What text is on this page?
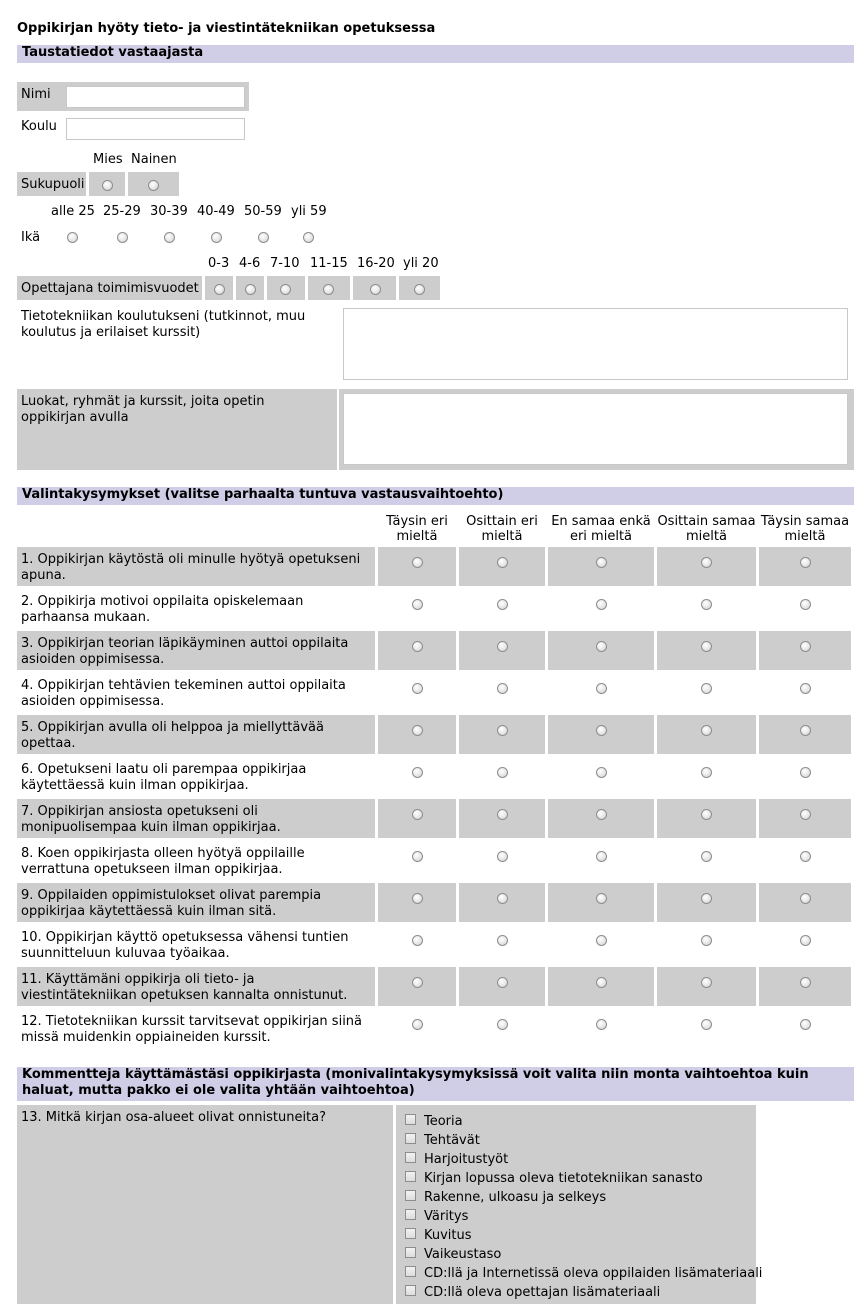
Oppikirjan hyöty tieto- ja viestintätekniikan opetuksessa
Taustatiedot vastaajasta
Nimi
Koulu
Mies Nainen
Sukupuoli
alle 25 25-29 30-39 40-49 50-59 yli 59
Ikä
0-3 4-6 7-10 11-15 16-20 yli 20
Opettajana toimimisvuodet
Tietotekniikan koulutukseni (tutkinnot, muu koulutus ja erilaiset kurssit)
Luokat, ryhmät ja kurssit, joita opetin oppikirjan avulla
Valintakysymykset (valitse parhaalta tuntuva vastausvaihtoehto)
Täysin eri mieltä
Osittain eri mieltä
En samaa enkä eri mieltä
Osittain samaa mieltä
Täysin samaa mieltä
1. Oppikirjan käytöstä oli minulle hyötyä opetukseni apuna.
2. Oppikirja motivoi oppilaita opiskelemaan parhaansa mukaan.
3. Oppikirjan teorian läpikäyminen auttoi oppilaita asioiden oppimisessa.
4. Oppikirjan tehtävien tekeminen auttoi oppilaita asioiden oppimisessa.
5. Oppikirjan avulla oli helppoa ja miellyttävää opettaa.
6. Opetukseni laatu oli parempaa oppikirjaa käytettäessä kuin ilman oppikirjaa.
7. Oppikirjan ansiosta opetukseni oli monipuolisempaa kuin ilman oppikirjaa.
8. Koen oppikirjasta olleen hyötyä oppilaille verrattuna opetukseen ilman oppikirjaa.
9. Oppilaiden oppimistulokset olivat parempia oppikirjaa käytettäessä kuin ilman sitä.
10. Oppikirjan käyttö opetuksessa vähensi tuntien suunnitteluun kuluvaa työaikaa.
11. Käyttämäni oppikirja oli tieto- ja viestintätekniikan opetuksen kannalta onnistunut.
12. Tietotekniikan kurssit tarvitsevat oppikirjan siinä missä muidenkin oppiaineiden kurssit.
Kommentteja käyttämästäsi oppikirjasta (monivalintakysymyksissä voit valita niin monta vaihtoehtoa kuin haluat, mutta pakko ei ole valita yhtään vaihtoehtoa)
13. Mitkä kirjan osa-alueet olivat onnistuneita?	Teoria
Tehtävät
Harjoitustyöt
Kirjan lopussa oleva tietotekniikan sanasto
Rakenne, ulkoasu ja selkeys
Väritys
Kuvitus
Vaikeustaso
CD:llä ja Internetissä oleva oppilaiden lisämateriaali
CD:llä oleva opettajan lisämateriaali
